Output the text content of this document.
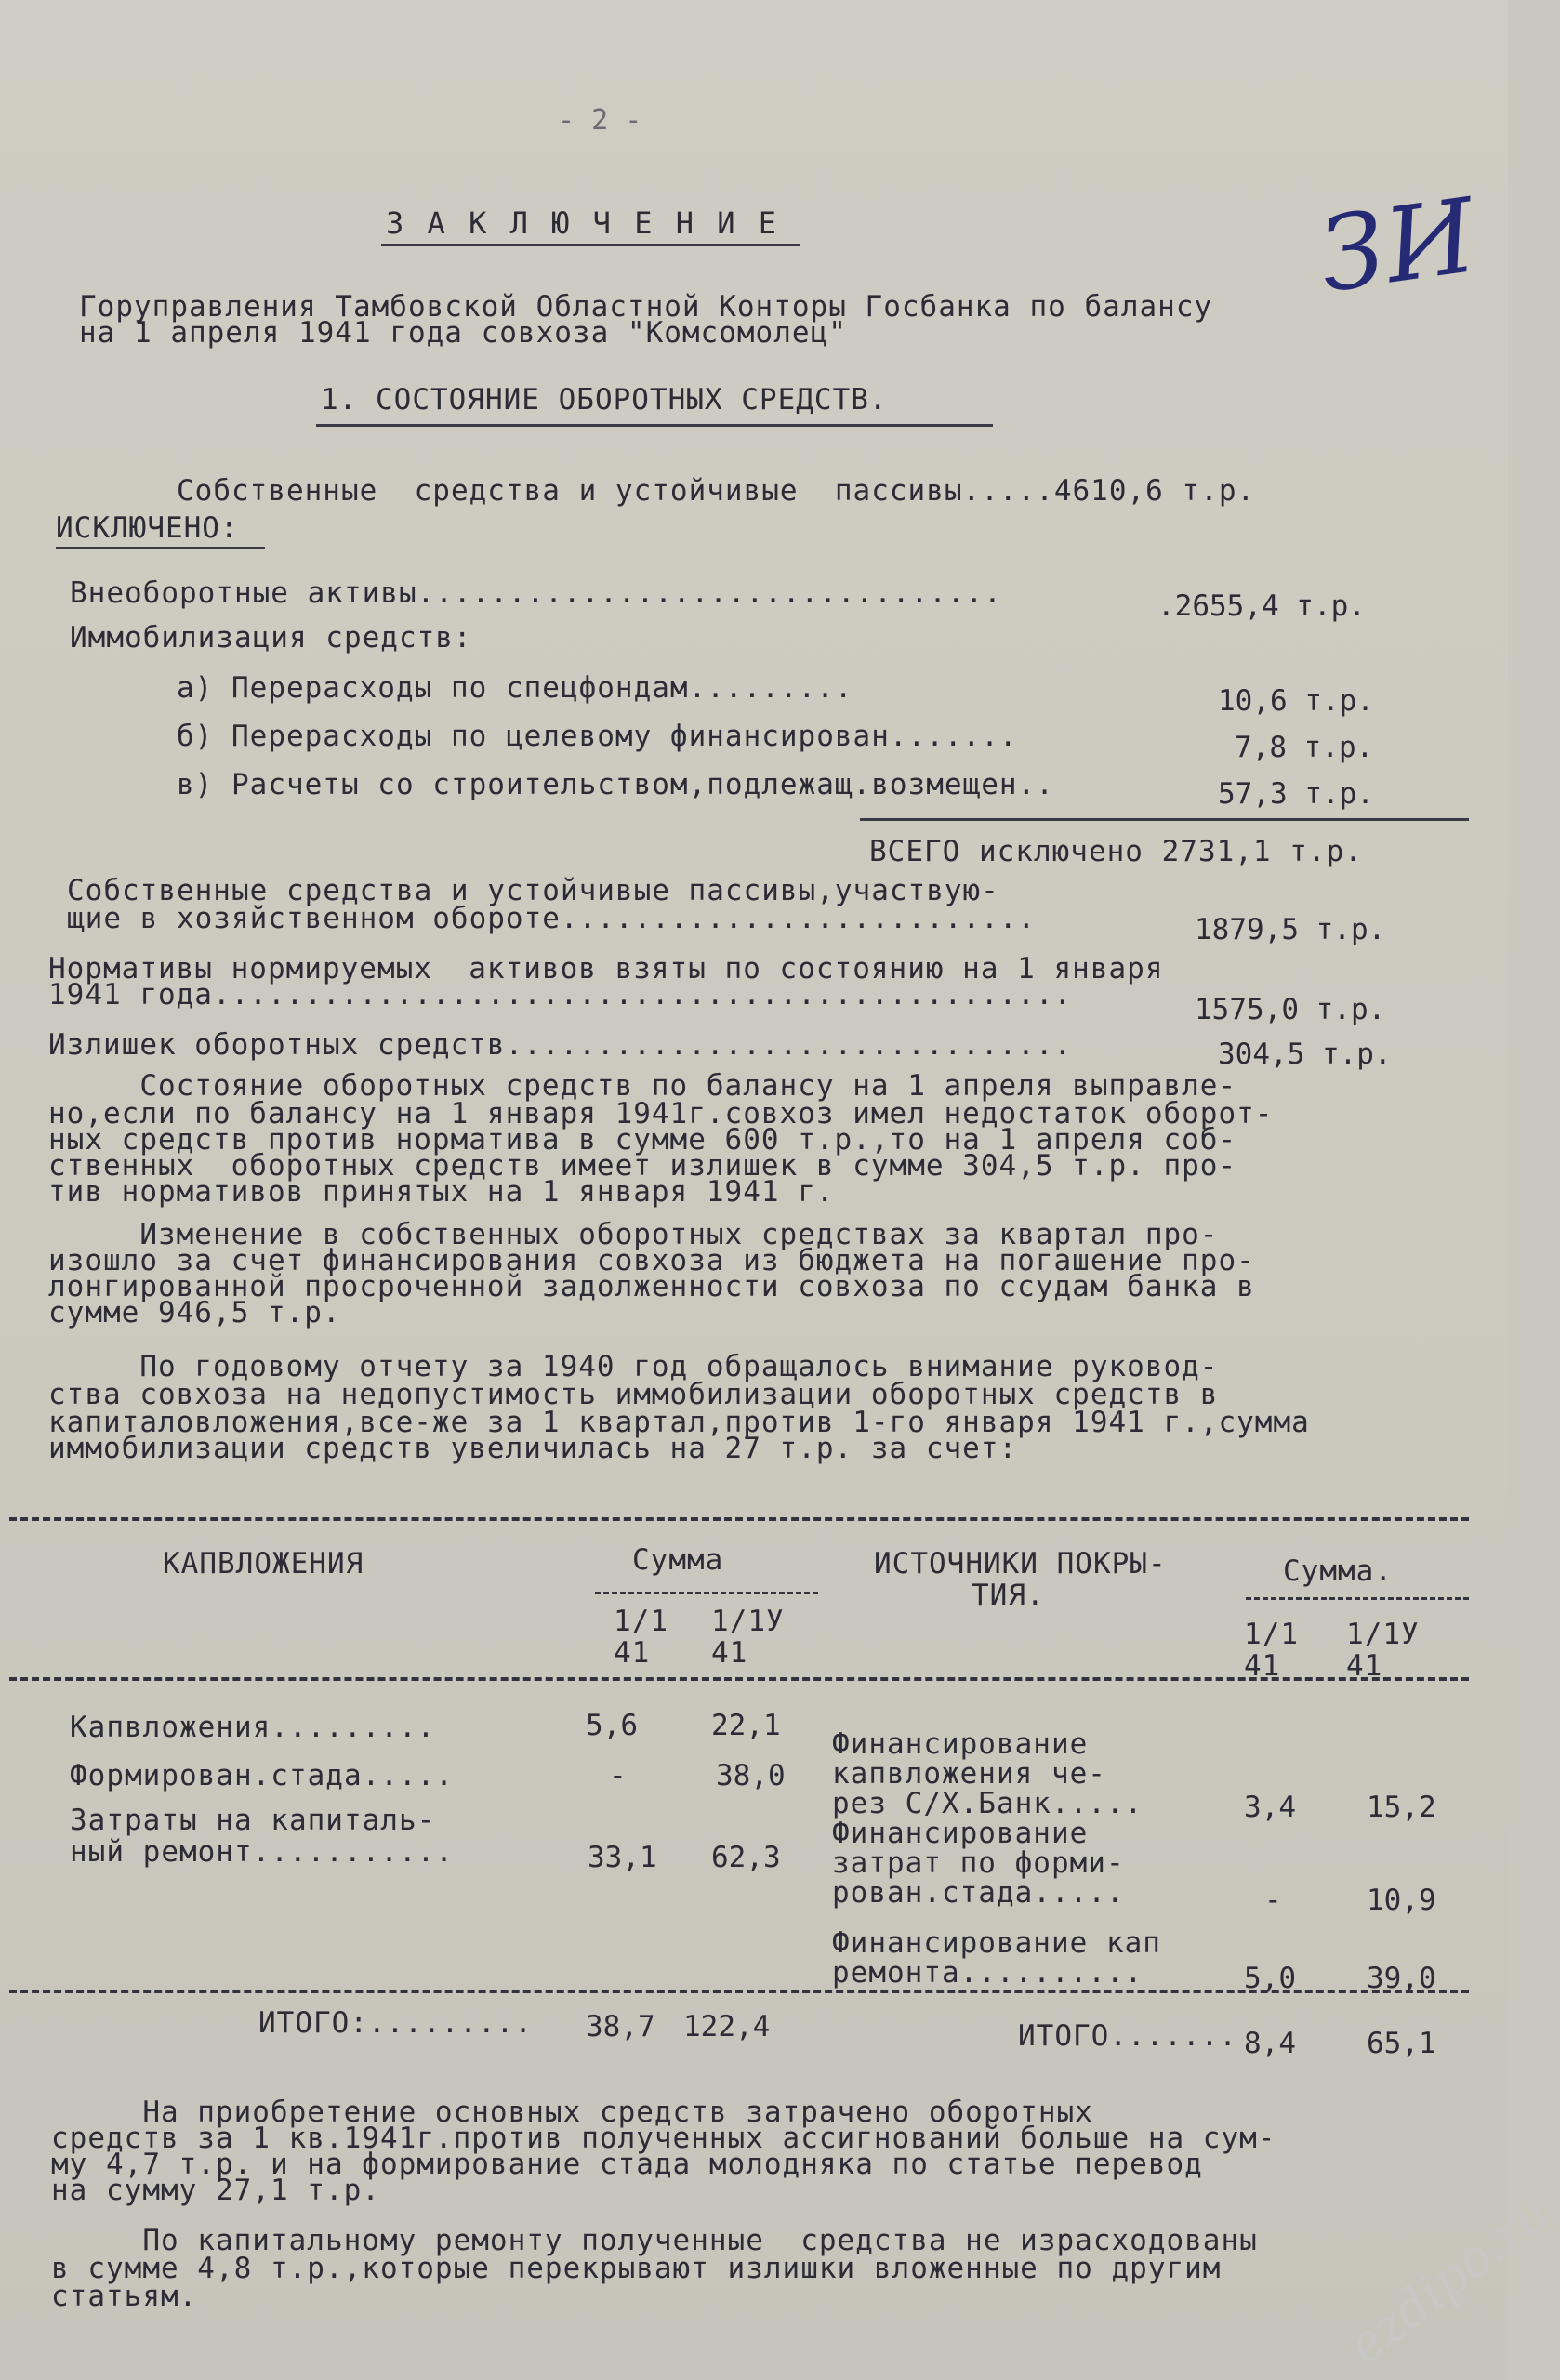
- 2 -
ЗИ
З А К Л Ю Ч Е Н И Е
Горуправления Тамбовской Областной Конторы Госбанка по балансу
на 1 апреля 1941 года совхоза "Комсомолец"
1. СОСТОЯНИЕ ОБОРОТНЫХ СРЕДСТВ.
Собственные  средства и устойчивые  пассивы.....4610,6 т.р.
ИСКЛЮЧЕНО:
Внеоборотные активы................................	.2655,4 т.р.
Иммобилизация средств:
а) Перерасходы по спецфондам.........	10,6 т.р.
б) Перерасходы по целевому финансирован.......	7,8 т.р.
в) Расчеты со строительством,подлежащ.возмещен..	57,3 т.р.
ВСЕГО исключено 2731,1 т.р.
Собственные средства и устойчивые пассивы,участвую-
щие в хозяйственном обороте..........................	1879,5 т.р.
Нормативы нормируемых  активов взяты по состоянию на 1 января
1941 года...............................................	1575,0 т.р.
Излишек оборотных средств...............................	304,5 т.р.
Состояние оборотных средств по балансу на 1 апреля выправле-
но,если по балансу на 1 января 1941г.совхоз имел недостаток оборот-
ных средств против норматива в сумме 600 т.р.,то на 1 апреля соб-
ственных  оборотных средств имеет излишек в сумме 304,5 т.р. про-
тив нормативов принятых на 1 января 1941 г.
Изменение в собственных оборотных средствах за квартал про-
изошло за счет финансирования совхоза из бюджета на погашение про-
лонгированной просроченной задолженности совхоза по ссудам банка в
сумме 946,5 т.р.
По годовому отчету за 1940 год обращалось внимание руковод-
ства совхоза на недопустимость иммобилизации оборотных средств в
капиталовложения,все-же за 1 квартал,против 1-го января 1941 г.,сумма
иммобилизации средств увеличилась на 27 т.р. за счет:
КАПВЛОЖЕНИЯ	Сумма
1/1
41
1/1У
41
ИСТОЧНИКИ ПОКРЫ-
ТИЯ.
Сумма.
1/1
41
1/1У
41
Капвложения.........	5,6	22,1
Формирован.стада.....	-	38,0
Затраты на капиталь-
ный ремонт...........	33,1 62,3
Финансирование
капвложения че-
рез С/Х.Банк.....	3,4 15,2
Финансирование
затрат по форми-
рован.стада.....	-	10,9
Финансирование кап
ремонта..........	5,0 39,0
ИТОГО:......... 38,7 122,4	ИТОГО....... 8,4 65,1
На приобретение основных средств затрачено оборотных
средств за 1 кв.1941г.против полученных ассигнований больше на сум-
му 4,7 т.р. и на формирование стада молодняка по статье перевод
на сумму 27,1 т.р.
По капитальному ремонту полученные  средства не израсходованы
в сумме 4,8 т.р.,которые перекрывают излишки вложенные по другим
статьям.	ezdipo.ru
